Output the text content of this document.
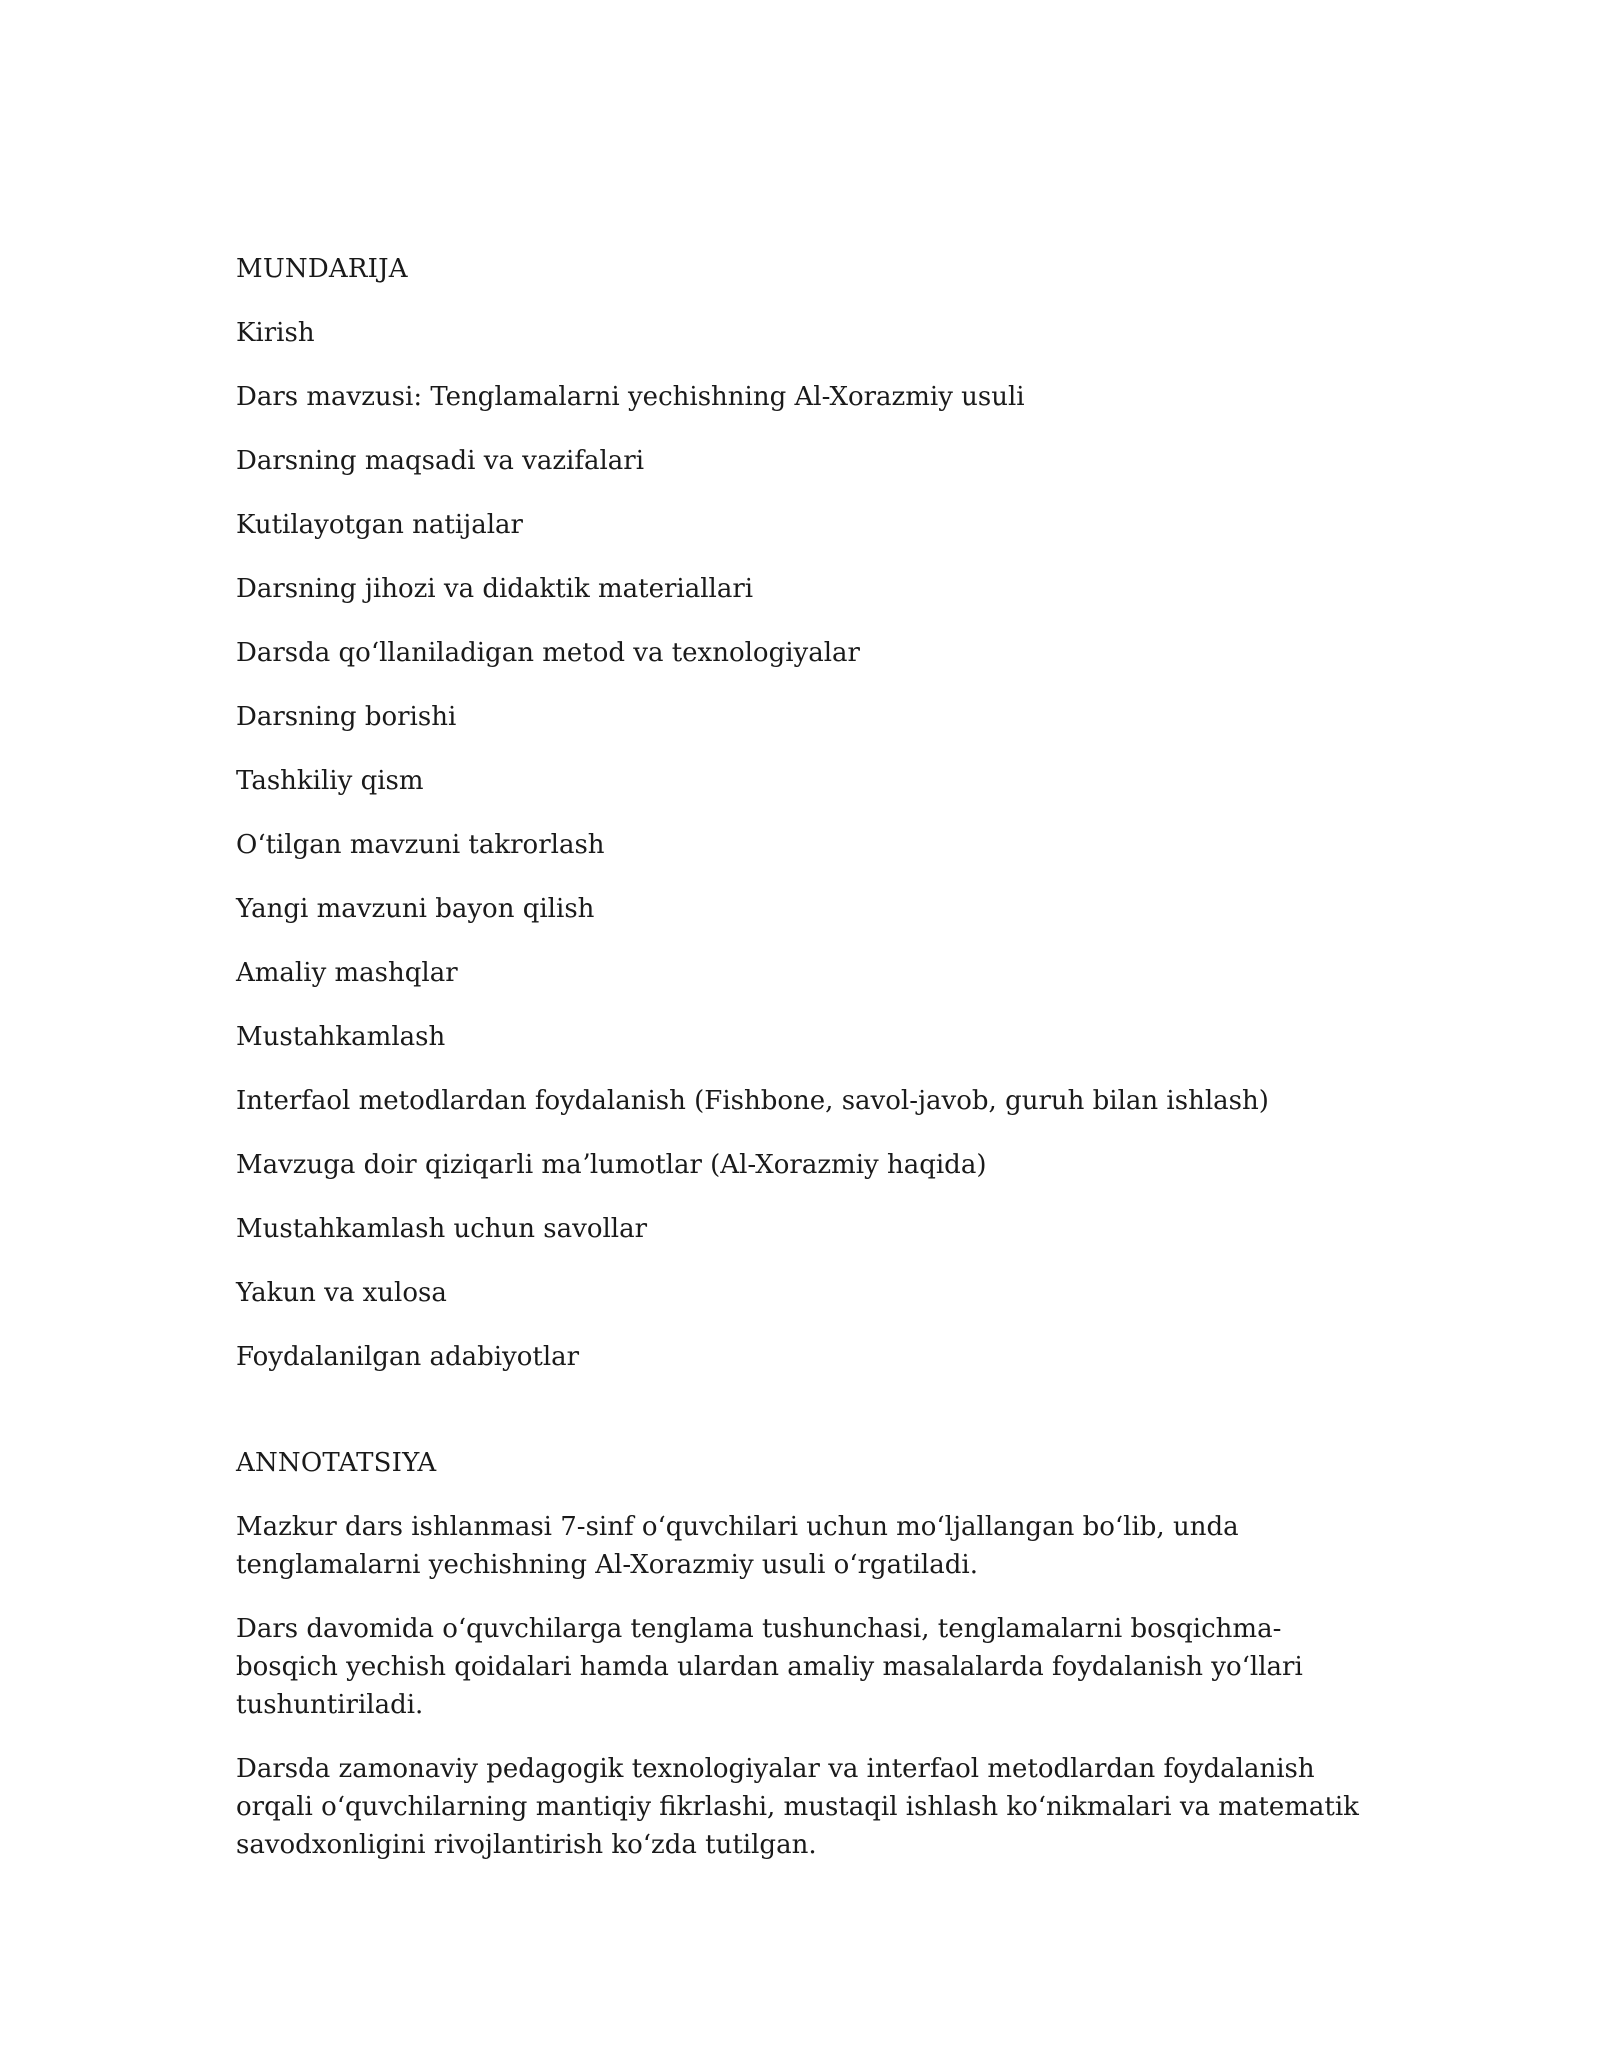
MUNDARIJA
Kirish
Dars mavzusi: Tenglamalarni yechishning Al-Xorazmiy usuli
Darsning maqsadi va vazifalari
Kutilayotgan natijalar
Darsning jihozi va didaktik materiallari
Darsda qoʻllaniladigan metod va texnologiyalar
Darsning borishi
Tashkiliy qism
Oʻtilgan mavzuni takrorlash
Yangi mavzuni bayon qilish
Amaliy mashqlar
Mustahkamlash
Interfaol metodlardan foydalanish (Fishbone, savol-javob, guruh bilan ishlash)
Mavzuga doir qiziqarli maʼlumotlar (Al-Xorazmiy haqida)
Mustahkamlash uchun savollar
Yakun va xulosa
Foydalanilgan adabiyotlar
ANNOTATSIYA

Mazkur dars ishlanmasi 7-sinf oʻquvchilari uchun moʻljallangan boʻlib, unda tenglamalarni yechishning Al-Xorazmiy usuli oʻrgatiladi.

Dars davomida oʻquvchilarga tenglama tushunchasi, tenglamalarni bosqichma-bosqich yechish qoidalari hamda ulardan amaliy masalalarda foydalanish yoʻllari tushuntiriladi.

Darsda zamonaviy pedagogik texnologiyalar va interfaol metodlardan foydalanish orqali oʻquvchilarning mantiqiy fikrlashi, mustaqil ishlash koʻnikmalari va matematik savodxonligini rivojlantirish koʻzda tutilgan.
